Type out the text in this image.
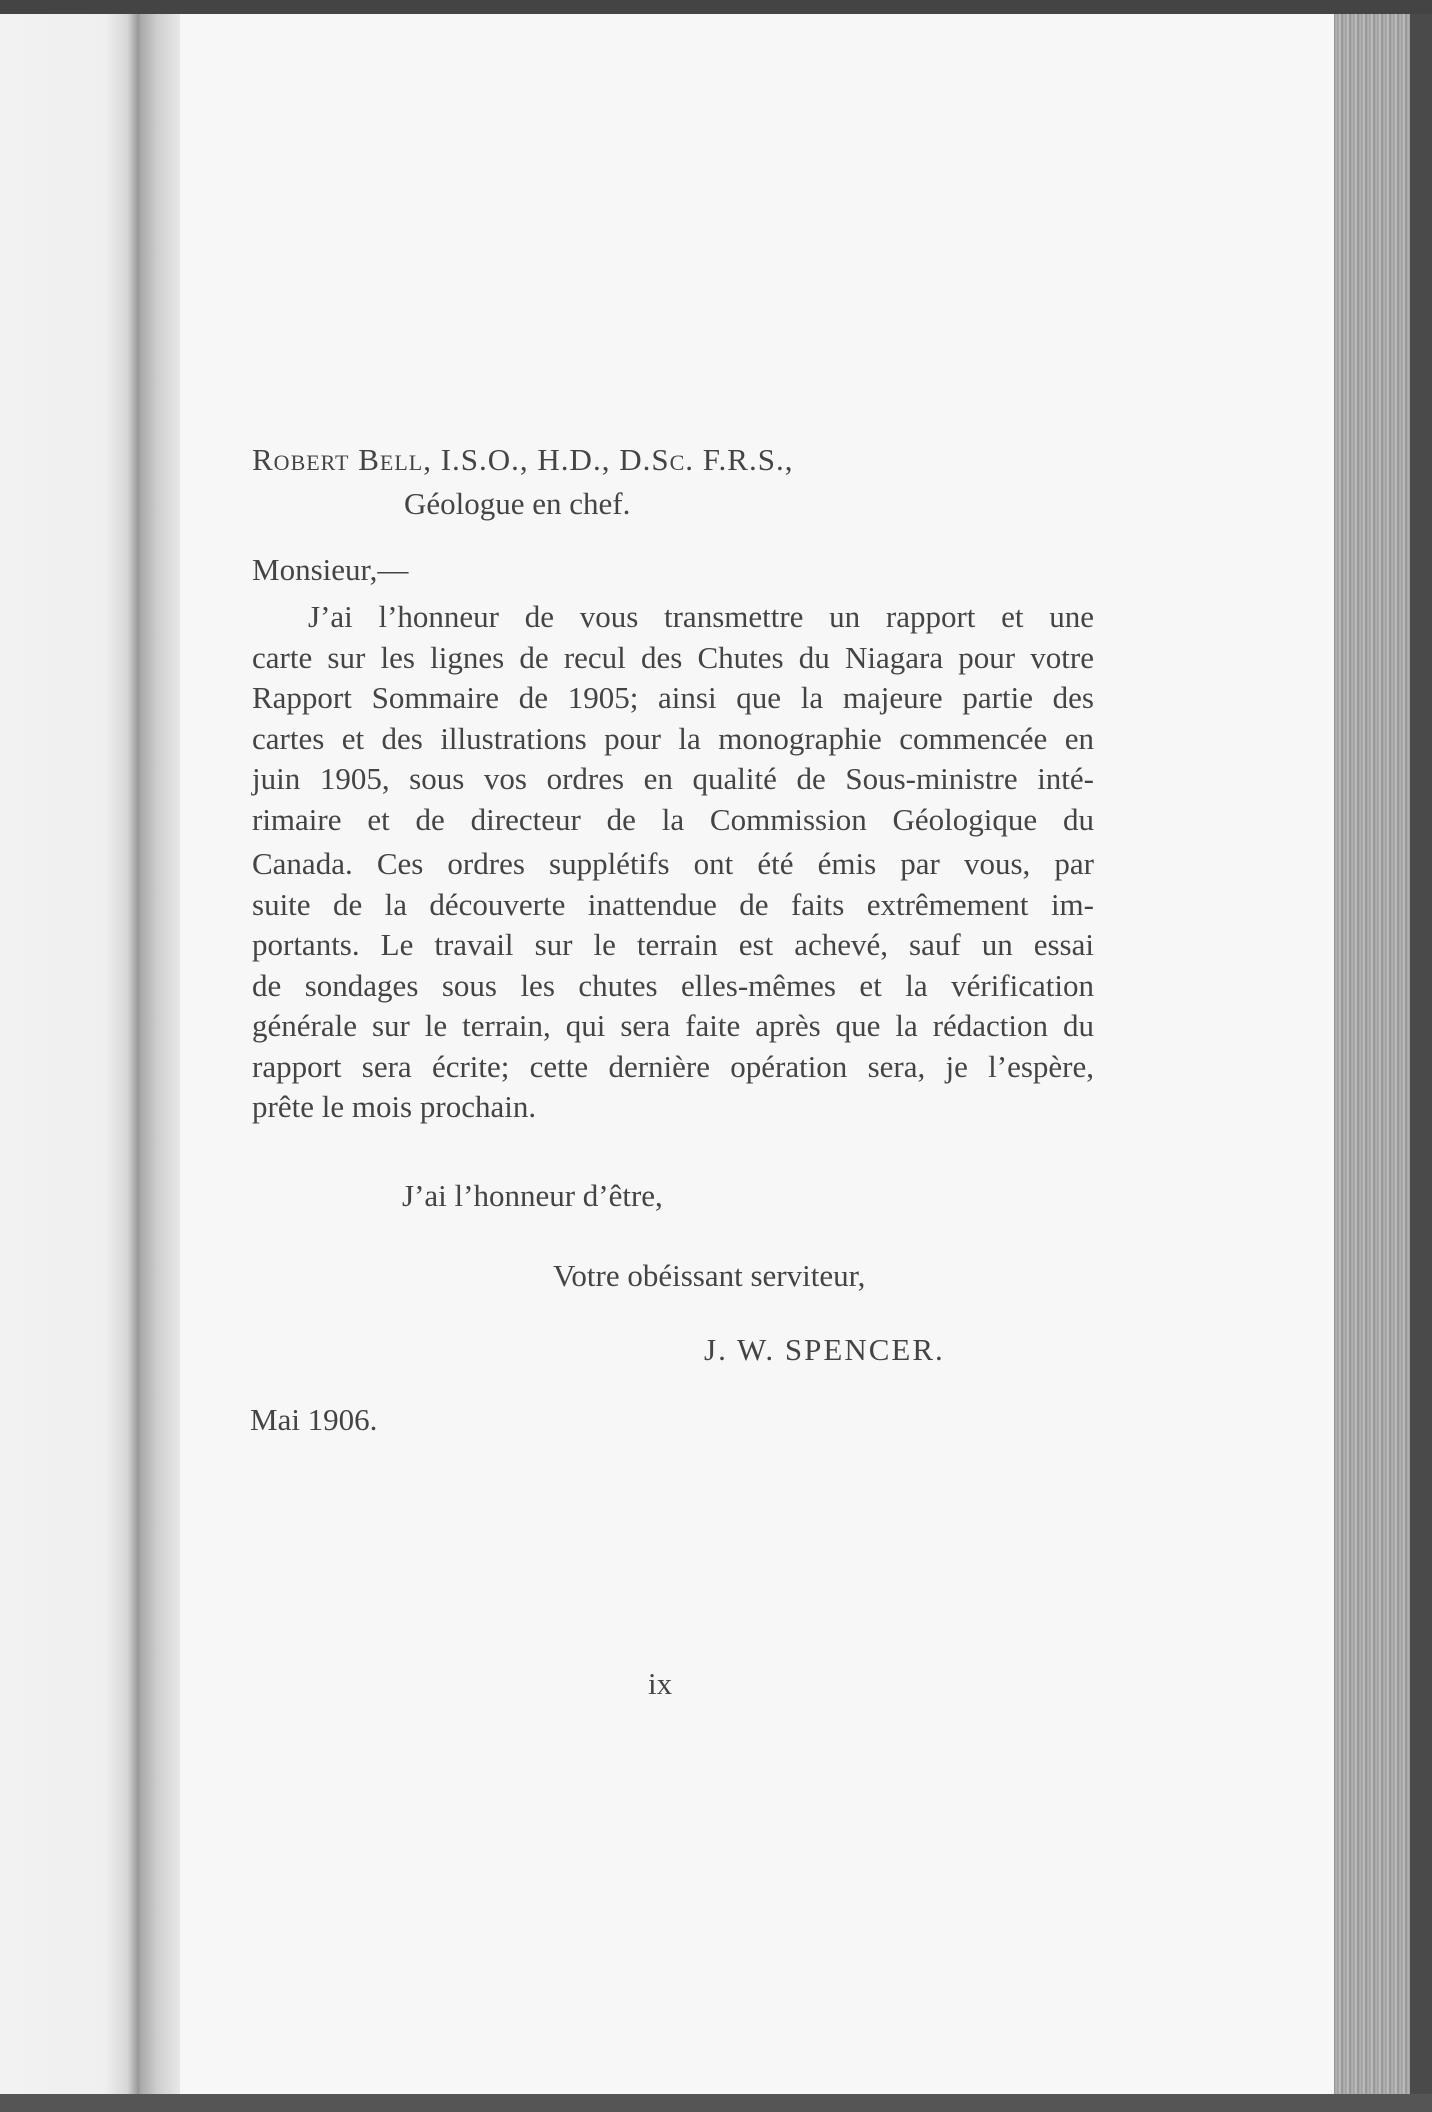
Robert Bell, I.S.O., H.D., D.Sc. F.R.S.,
Géologue en chef.
Monsieur,—
J’ai l’honneur de vous transmettre un rapport et une
carte sur les lignes de recul des Chutes du Niagara pour votre
Rapport Sommaire de 1905; ainsi que la majeure partie des
cartes et des illustrations pour la monographie commencée en
juin 1905, sous vos ordres en qualité de Sous-ministre inté-
rimaire et de directeur de la Commission Géologique du
Canada. Ces ordres supplétifs ont été émis par vous, par
suite de la découverte inattendue de faits extrêmement im-
portants. Le travail sur le terrain est achevé, sauf un essai
de sondages sous les chutes elles-mêmes et la vérification
générale sur le terrain, qui sera faite après que la rédaction du
rapport sera écrite; cette dernière opération sera, je l’espère,
prête le mois prochain.
J’ai l’honneur d’être,
Votre obéissant serviteur,
J. W. SPENCER.
Mai 1906.
ix
